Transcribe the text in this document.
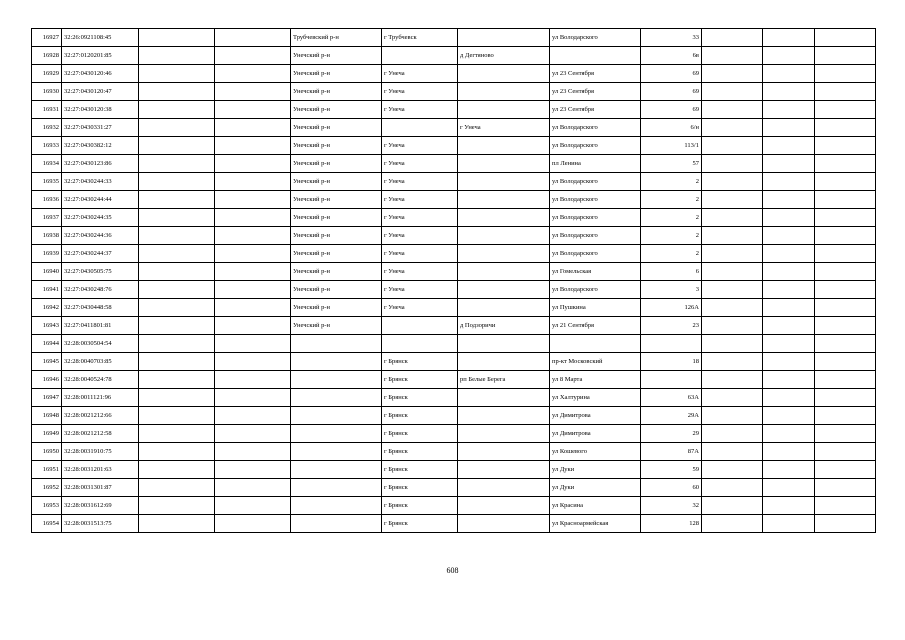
16927	32:26:0921108:45			Трубчевский р-н	г Трубчевск		ул Володарского	33			
16928	32:27:0120201:85			Унечский р-н		д Дегтяново		6в			
16929	32:27:0430120:46			Унечский р-н	г Унеча		ул 23 Сентября	69			
16930	32:27:0430120:47			Унечский р-н	г Унеча		ул 23 Сентября	69			
16931	32:27:0430120:38			Унечский р-н	г Унеча		ул 23 Сентября	69			
16932	32:27:0430331:27			Унечский р-н		г Унеча	ул Володарского	6/н			
16933	32:27:0430382:12			Унечский р-н	г Унеча		ул Володарского	113/1			
16934	32:27:0430123:86			Унечский р-н	г Унеча		пл Ленина	57			
16935	32:27:0430244:33			Унечский р-н	г Унеча		ул Володарского	2			
16936	32:27:0430244:44			Унечский р-н	г Унеча		ул Володарского	2			
16937	32:27:0430244:35			Унечский р-н	г Унеча		ул Володарского	2			
16938	32:27:0430244:36			Унечский р-н	г Унеча		ул Володарского	2			
16939	32:27:0430244:37			Унечский р-н	г Унеча		ул Володарского	2			
16940	32:27:0430505:75			Унечский р-н	г Унеча		ул Гомельская	6			
16941	32:27:0430248:76			Унечский р-н	г Унеча		ул Володарского	3			
16942	32:27:0430448:58			Унечский р-н	г Унеча		ул Пушкина	126А			
16943	32:27:0411801:81			Унечский р-н		д Подзоричи	ул 21 Сентября	23			
16944	32:28:0030504:54										
16945	32:28:0040703:85				г Брянск		пр-кт Московский	18			
16946	32:28:0040524:78				г Брянск	рп Белые Берега	ул 8 Марта				
16947	32:28:0011121:96				г Брянск		ул Халтурина	63А			
16948	32:28:0021212:66				г Брянск		ул Димитрова	29А			
16949	32:28:0021212:58				г Брянск		ул Димитрова	29			
16950	32:28:0031910:75				г Брянск		ул Кошевого	87А			
16951	32:28:0031201:63				г Брянск		ул Дуки	59			
16952	32:28:0031301:87				г Брянск		ул Дуки	60			
16953	32:28:0031612:69				г Брянск		ул Красина	32			
16954	32:28:0031513:75				г Брянск		ул Красноармейская	128			
608
